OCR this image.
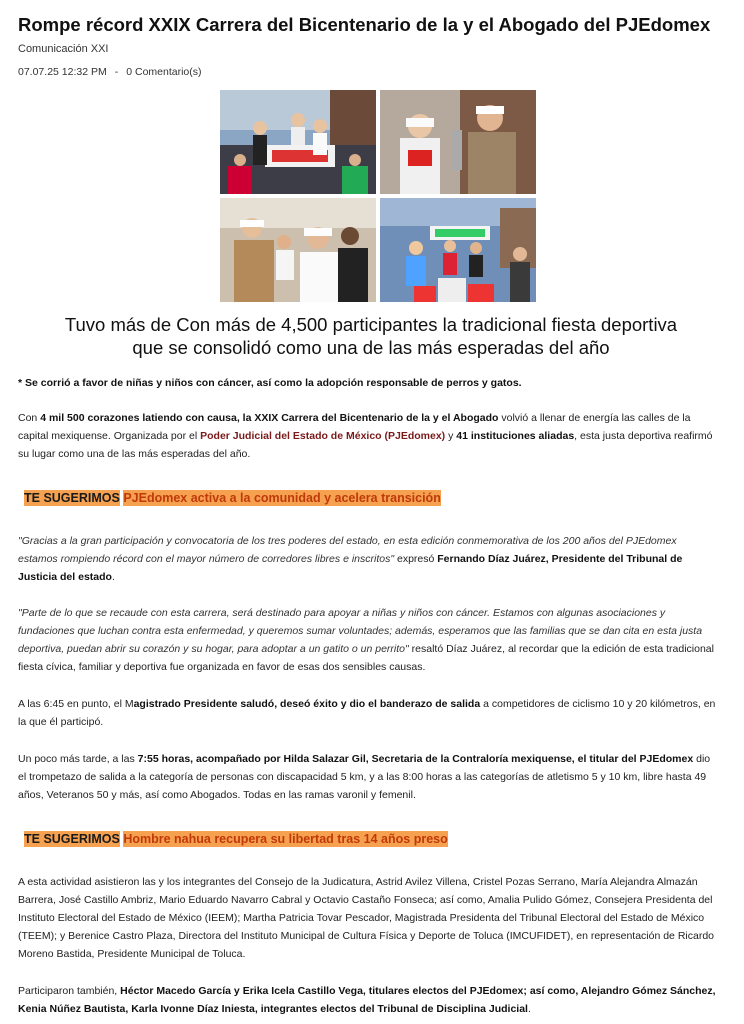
Rompe récord XXIX Carrera del Bicentenario de la y el Abogado del PJEdomex
Comunicación XXI
07.07.25 12:32 PM - 0 Comentario(s)
Tuvo más de Con más de 4,500 participantes la tradicional fiesta deportiva
que se consolidó como una de las más esperadas del año
* Se corrió a favor de niñas y niños con cáncer, así como la adopción responsable de perros y gatos.
Con 4 mil 500 corazones latiendo con causa, la XXIX Carrera del Bicentenario de la y el Abogado volvió a llenar de energía las calles de la capital mexiquense. Organizada por el Poder Judicial del Estado de México (PJEdomex) y 41 instituciones aliadas, esta justa deportiva reafirmó su lugar como una de las más esperadas del año.
TE SUGERIMOS PJEdomex activa a la comunidad y acelera transición
"Gracias a la gran participación y convocatoria de los tres poderes del estado, en esta edición conmemorativa de los 200 años del PJEdomex estamos rompiendo récord con el mayor número de corredores libres e inscritos" expresó Fernando Díaz Juárez, Presidente del Tribunal de Justicia del estado.
"Parte de lo que se recaude con esta carrera, será destinado para apoyar a niñas y niños con cáncer. Estamos con algunas asociaciones y fundaciones que luchan contra esta enfermedad, y queremos sumar voluntades; además, esperamos que las familias que se dan cita en esta justa deportiva, puedan abrir su corazón y su hogar, para adoptar a un gatito o un perrito" resaltó Díaz Juárez, al recordar que la edición de esta tradicional fiesta cívica, familiar y deportiva fue organizada en favor de esas dos sensibles causas.
A las 6:45 en punto, el Magistrado Presidente saludó, deseó éxito y dio el banderazo de salida a competidores de ciclismo 10 y 20 kilómetros, en la que él participó.
Un poco más tarde, a las 7:55 horas, acompañado por Hilda Salazar Gil, Secretaria de la Contraloría mexiquense, el titular del PJEdomex dio el trompetazo de salida a la categoría de personas con discapacidad 5 km, y a las 8:00 horas a las categorías de atletismo 5 y 10 km, libre hasta 49 años, Veteranos 50 y más, así como Abogados. Todas en las ramas varonil y femenil.
TE SUGERIMOS Hombre nahua recupera su libertad tras 14 años preso
A esta actividad asistieron las y los integrantes del Consejo de la Judicatura, Astrid Avilez Villena, Cristel Pozas Serrano, María Alejandra Almazán Barrera, José Castillo Ambriz, Mario Eduardo Navarro Cabral y Octavio Castaño Fonseca; así como, Amalia Pulido Gómez, Consejera Presidenta del Instituto Electoral del Estado de México (IEEM); Martha Patricia Tovar Pescador, Magistrada Presidenta del Tribunal Electoral del Estado de México (TEEM); y Berenice Castro Plaza, Directora del Instituto Municipal de Cultura Física y Deporte de Toluca (IMCUFIDET), en representación de Ricardo Moreno Bastida, Presidente Municipal de Toluca.
Participaron también, Héctor Macedo García y Erika Icela Castillo Vega, titulares electos del PJEdomex; así como, Alejandro Gómez Sánchez, Kenia Núñez Bautista, Karla Ivonne Díaz Iniesta, integrantes electos del Tribunal de Disciplina Judicial.
